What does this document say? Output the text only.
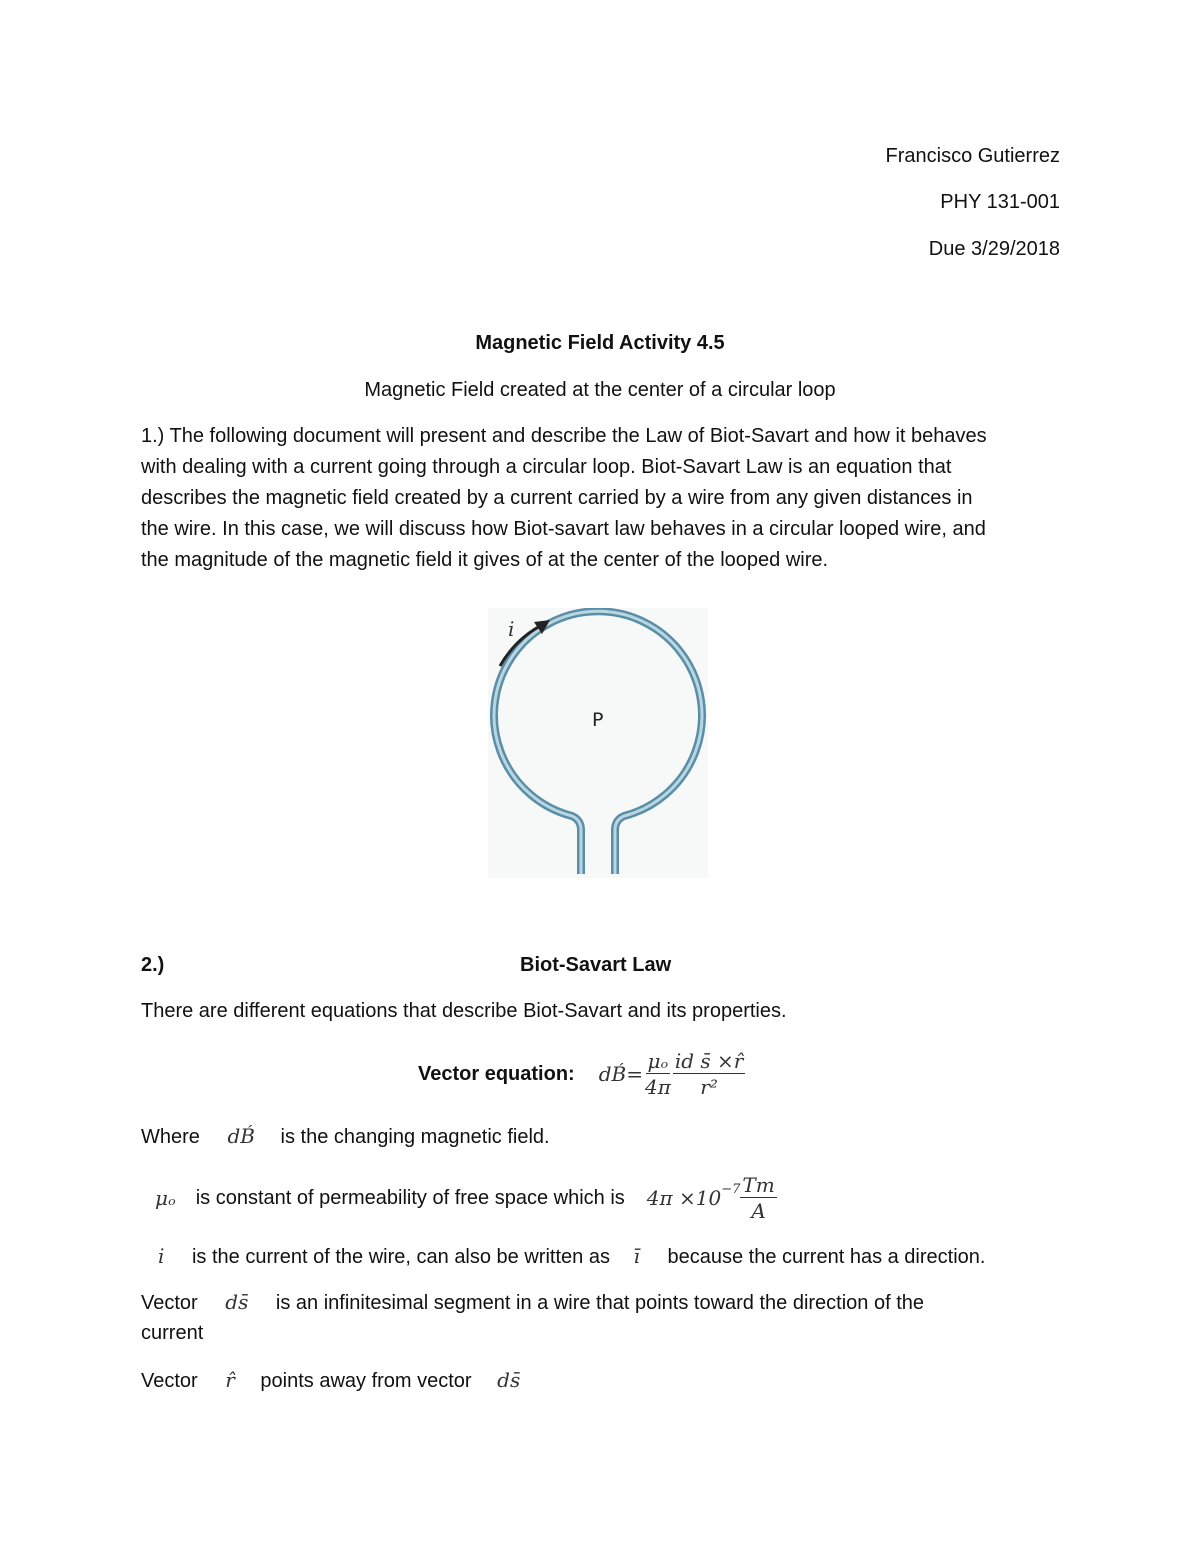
Francisco Gutierrez
PHY 131-001
Due 3/29/2018
Magnetic Field Activity 4.5
Magnetic Field created at the center of a circular loop
1.) The following document will present and describe the Law of Biot-Savart and how it behaves
with dealing with a current going through a circular loop. Biot-Savart Law is an equation that
describes the magnetic field created by a current carried by a wire from any given distances in
the wire. In this case, we will discuss how Biot-savart law behaves in a circular looped wire, and
the magnitude of the magnetic field it gives of at the center of the looped wire.
i
P
2.)	Biot-Savart Law
There are different equations that describe Biot-Savart and its properties.
Vector equation: dB́= $\frac{\text{μₒ}}{4\pi} \frac{\text{id s̄ ×r̂}}{\text{r²}}$
Where dB́ is the changing magnetic field.
μₒ is constant of permeability of free space which is $4\pi \times 10^{-7} \frac{Tm}{A}$
i is the current of the wire, can also be written as ī because the current has a direction.
Vector ds̄ is an infinitesimal segment in a wire that points toward the direction of the
current
Vector r̂ points away from vector ds̄
